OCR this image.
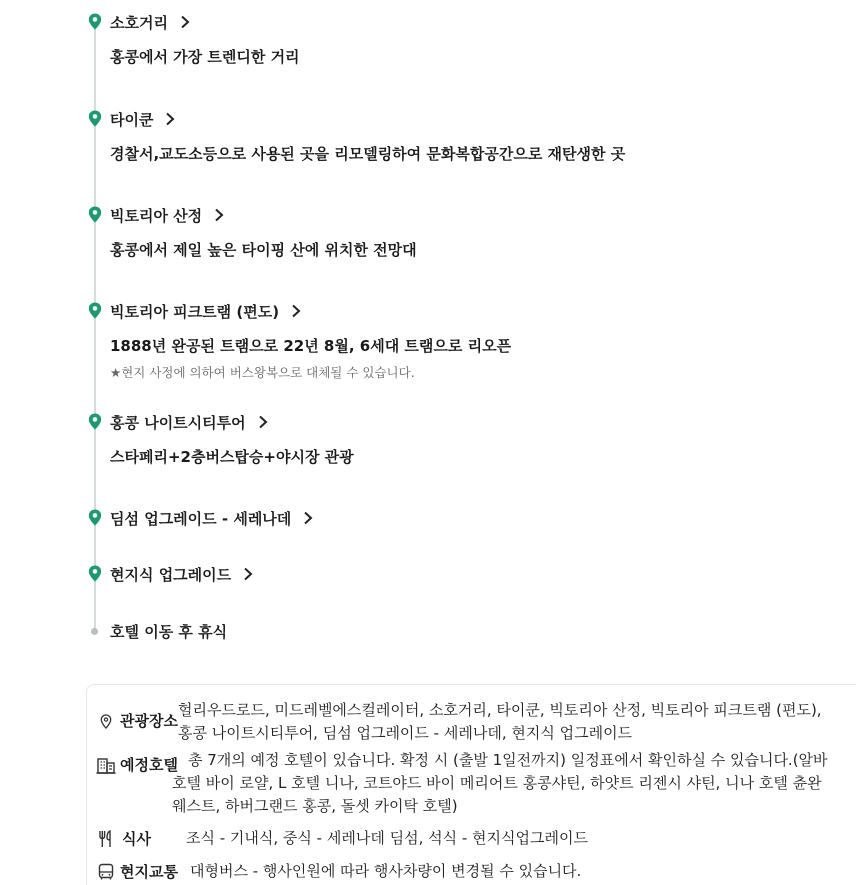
소호거리
홍콩에서 가장 트렌디한 거리
타이쿤
경찰서,교도소등으로 사용된 곳을 리모델링하여 문화복합공간으로 재탄생한 곳
빅토리아 산정
홍콩에서 제일 높은 타이핑 산에 위치한 전망대
빅토리아 피크트램 (편도)
1888년 완공된 트램으로 22년 8월, 6세대 트램으로 리오픈
★현지 사정에 의하여 버스왕복으로 대체될 수 있습니다.
홍콩 나이트시티투어
스타페리+2층버스탑승+야시장 관광
딤섬 업그레이드 - 세레나데
현지식 업그레이드
호텔 이동 후 휴식
관광장소
헐리우드로드, 미드레벨에스컬레이터, 소호거리, 타이쿤, 빅토리아 산정, 빅토리아 피크트램 (편도),
홍콩 나이트시티투어, 딤섬 업그레이드 - 세레나데, 현지식 업그레이드
예정호텔 총 7개의 예정 호텔이 있습니다. 확정 시 (출발 1일전까지) 일정표에서 확인하실 수 있습니다.(알바
호텔 바이 로얄, L 호텔 니나, 코트야드 바이 메리어트 홍콩샤틴, 하얏트 리젠시 샤틴, 니나 호텔 츈완
웨스트, 하버그랜드 홍콩, 돌셋 카이탁 호텔)
식사 조식 - 기내식, 중식 - 세레나데 딤섬, 석식 - 현지식업그레이드
현지교통 대형버스 - 행사인원에 따라 행사차량이 변경될 수 있습니다.
